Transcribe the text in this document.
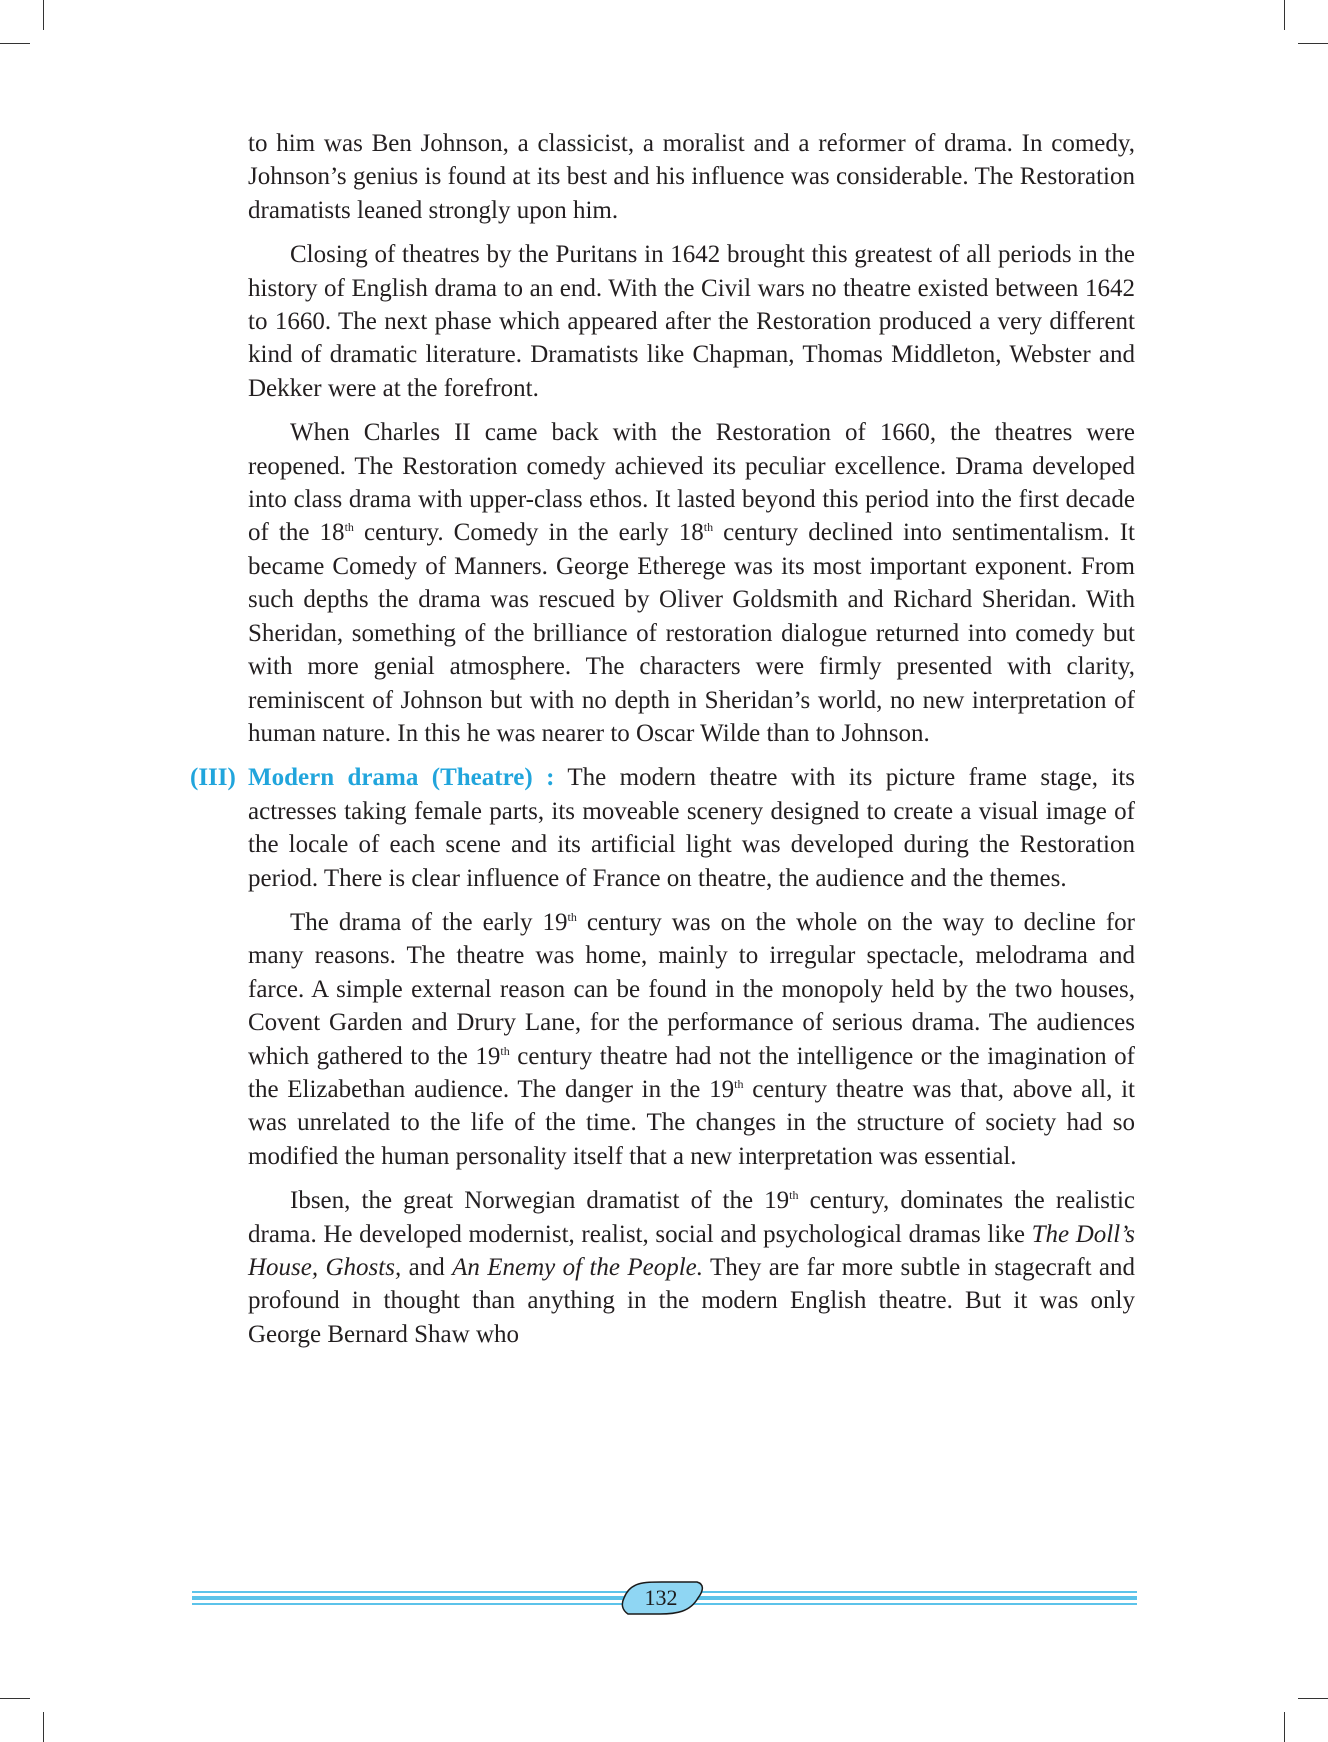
to him was Ben Johnson, a classicist, a moralist and a reformer of drama. In comedy, Johnson’s genius is found at its best and his influence was considerable. The Restoration dramatists leaned strongly upon him.

Closing of theatres by the Puritans in 1642 brought this greatest of all periods in the history of English drama to an end. With the Civil wars no theatre existed between 1642 to 1660. The next phase which appeared after the Restoration produced a very different kind of dramatic literature. Dramatists like Chapman, Thomas Middleton, Webster and Dekker were at the forefront.

When Charles II came back with the Restoration of 1660, the theatres were reopened. The Restoration comedy achieved its peculiar excellence. Drama developed into class drama with upper-class ethos. It lasted beyond this period into the first decade of the 18th century. Comedy in the early 18th century declined into sentimentalism. It became Comedy of Manners. George Etherege was its most important exponent. From such depths the drama was rescued by Oliver Goldsmith and Richard Sheridan. With Sheridan, something of the brilliance of restoration dialogue returned into comedy but with more genial atmosphere. The characters were firmly presented with clarity, reminiscent of Johnson but with no depth in Sheridan’s world, no new interpretation of human nature. In this he was nearer to Oscar Wilde than to Johnson.

(III) Modern drama (Theatre) : The modern theatre with its picture frame stage, its actresses taking female parts, its moveable scenery designed to create a visual image of the locale of each scene and its artificial light was developed during the Restoration period. There is clear influence of France on theatre, the audience and the themes.

The drama of the early 19th century was on the whole on the way to decline for many reasons. The theatre was home, mainly to irregular spectacle, melodrama and farce. A simple external reason can be found in the monopoly held by the two houses, Covent Garden and Drury Lane, for the performance of serious drama. The audiences which gathered to the 19th century theatre had not the intelligence or the imagination of the Elizabethan audience. The danger in the 19th century theatre was that, above all, it was unrelated to the life of the time. The changes in the structure of society had so modified the human personality itself that a new interpretation was essential.

Ibsen, the great Norwegian dramatist of the 19th century, dominates the realistic drama. He developed modernist, realist, social and psychological dramas like The Doll’s House, Ghosts, and An Enemy of the People. They are far more subtle in stagecraft and profound in thought than anything in the modern English theatre. But it was only George Bernard Shaw who

132
